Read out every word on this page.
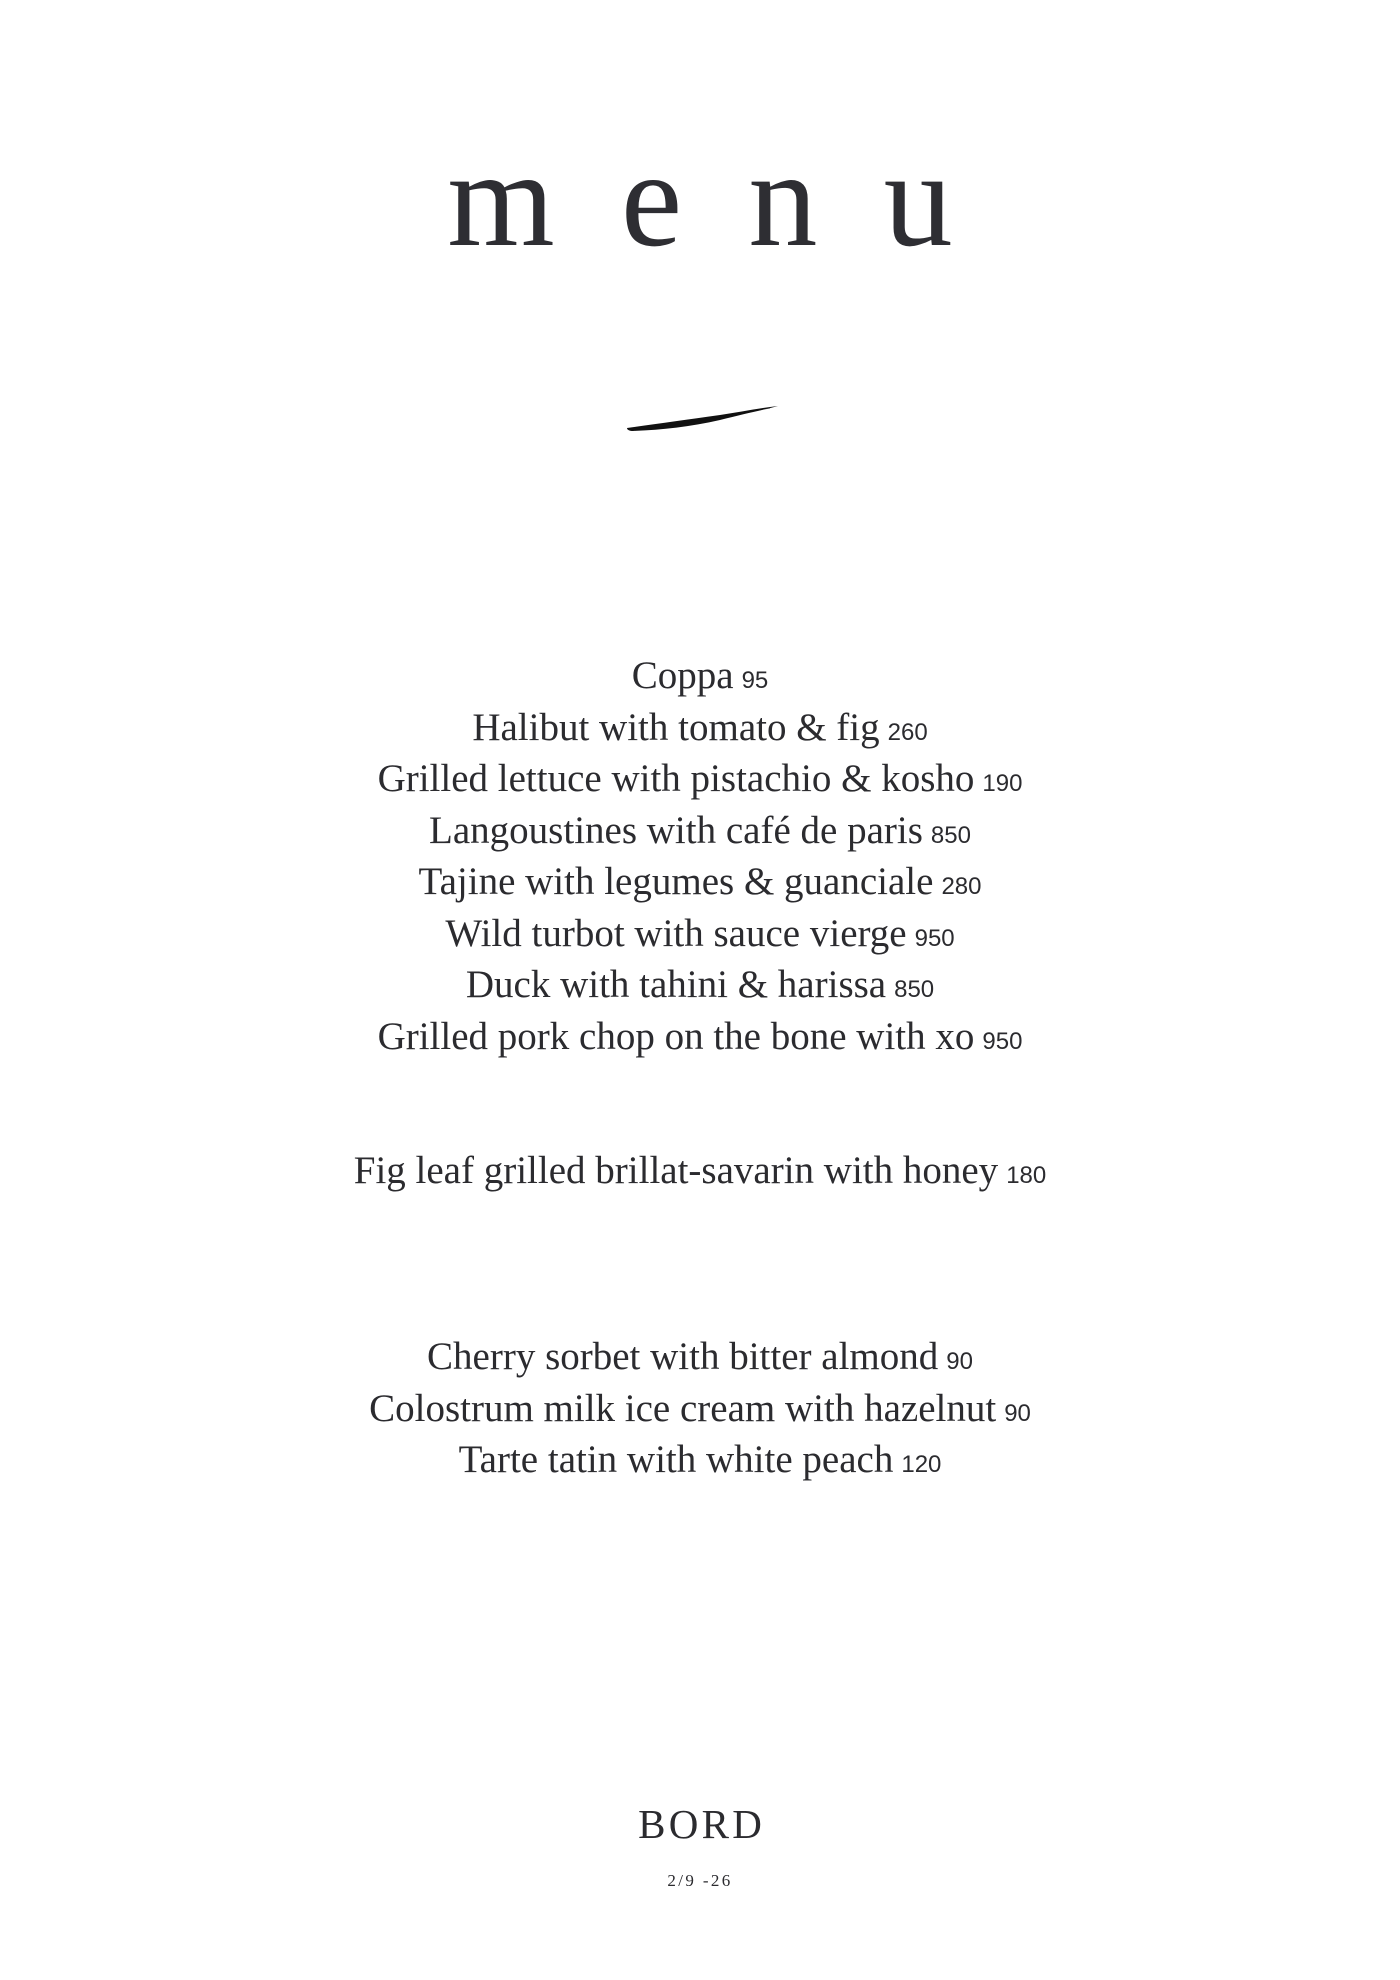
menu
Coppa 95
Halibut with tomato & fig 260
Grilled lettuce with pistachio & kosho 190
Langoustines with café de paris 850
Tajine with legumes & guanciale 280
Wild turbot with sauce vierge 950
Duck with tahini & harissa 850
Grilled pork chop on the bone with xo 950
Fig leaf grilled brillat-savarin with honey 180
Cherry sorbet with bitter almond 90
Colostrum milk ice cream with hazelnut 90
Tarte tatin with white peach 120
BORD
2/9 -26
